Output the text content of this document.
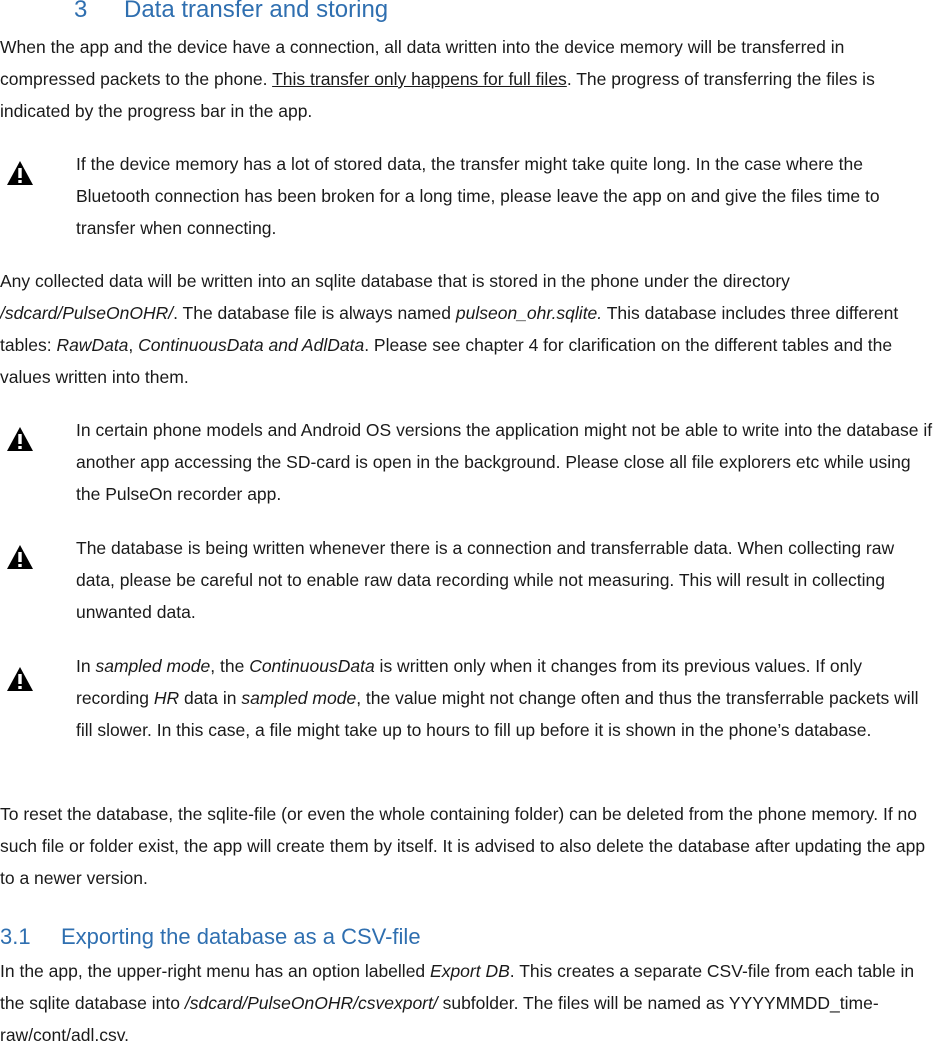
3 Data transfer and storing

When the app and the device have a connection, all data written into the device memory will be transferred in compressed packets to the phone. This transfer only happens for full files. The progress of transferring the files is indicated by the progress bar in the app.

If the device memory has a lot of stored data, the transfer might take quite long. In the case where the Bluetooth connection has been broken for a long time, please leave the app on and give the files time to transfer when connecting.

Any collected data will be written into an sqlite database that is stored in the phone under the directory /sdcard/PulseOnOHR/. The database file is always named pulseon_ohr.sqlite. This database includes three different tables: RawData, ContinuousData and AdlData. Please see chapter 4 for clarification on the different tables and the values written into them.

In certain phone models and Android OS versions the application might not be able to write into the database if another app accessing the SD-card is open in the background. Please close all file explorers etc while using the PulseOn recorder app.

The database is being written whenever there is a connection and transferrable data. When collecting raw data, please be careful not to enable raw data recording while not measuring. This will result in collecting unwanted data.

In sampled mode, the ContinuousData is written only when it changes from its previous values. If only recording HR data in sampled mode, the value might not change often and thus the transferrable packets will fill slower. In this case, a file might take up to hours to fill up before it is shown in the phone’s database.

To reset the database, the sqlite-file (or even the whole containing folder) can be deleted from the phone memory. If no such file or folder exist, the app will create them by itself. It is advised to also delete the database after updating the app to a newer version.

3.1 Exporting the database as a CSV-file

In the app, the upper-right menu has an option labelled Export DB. This creates a separate CSV-file from each table in the sqlite database into /sdcard/PulseOnOHR/csvexport/ subfolder. The files will be named as YYYYMMDD_time-raw/cont/adl.csv.
